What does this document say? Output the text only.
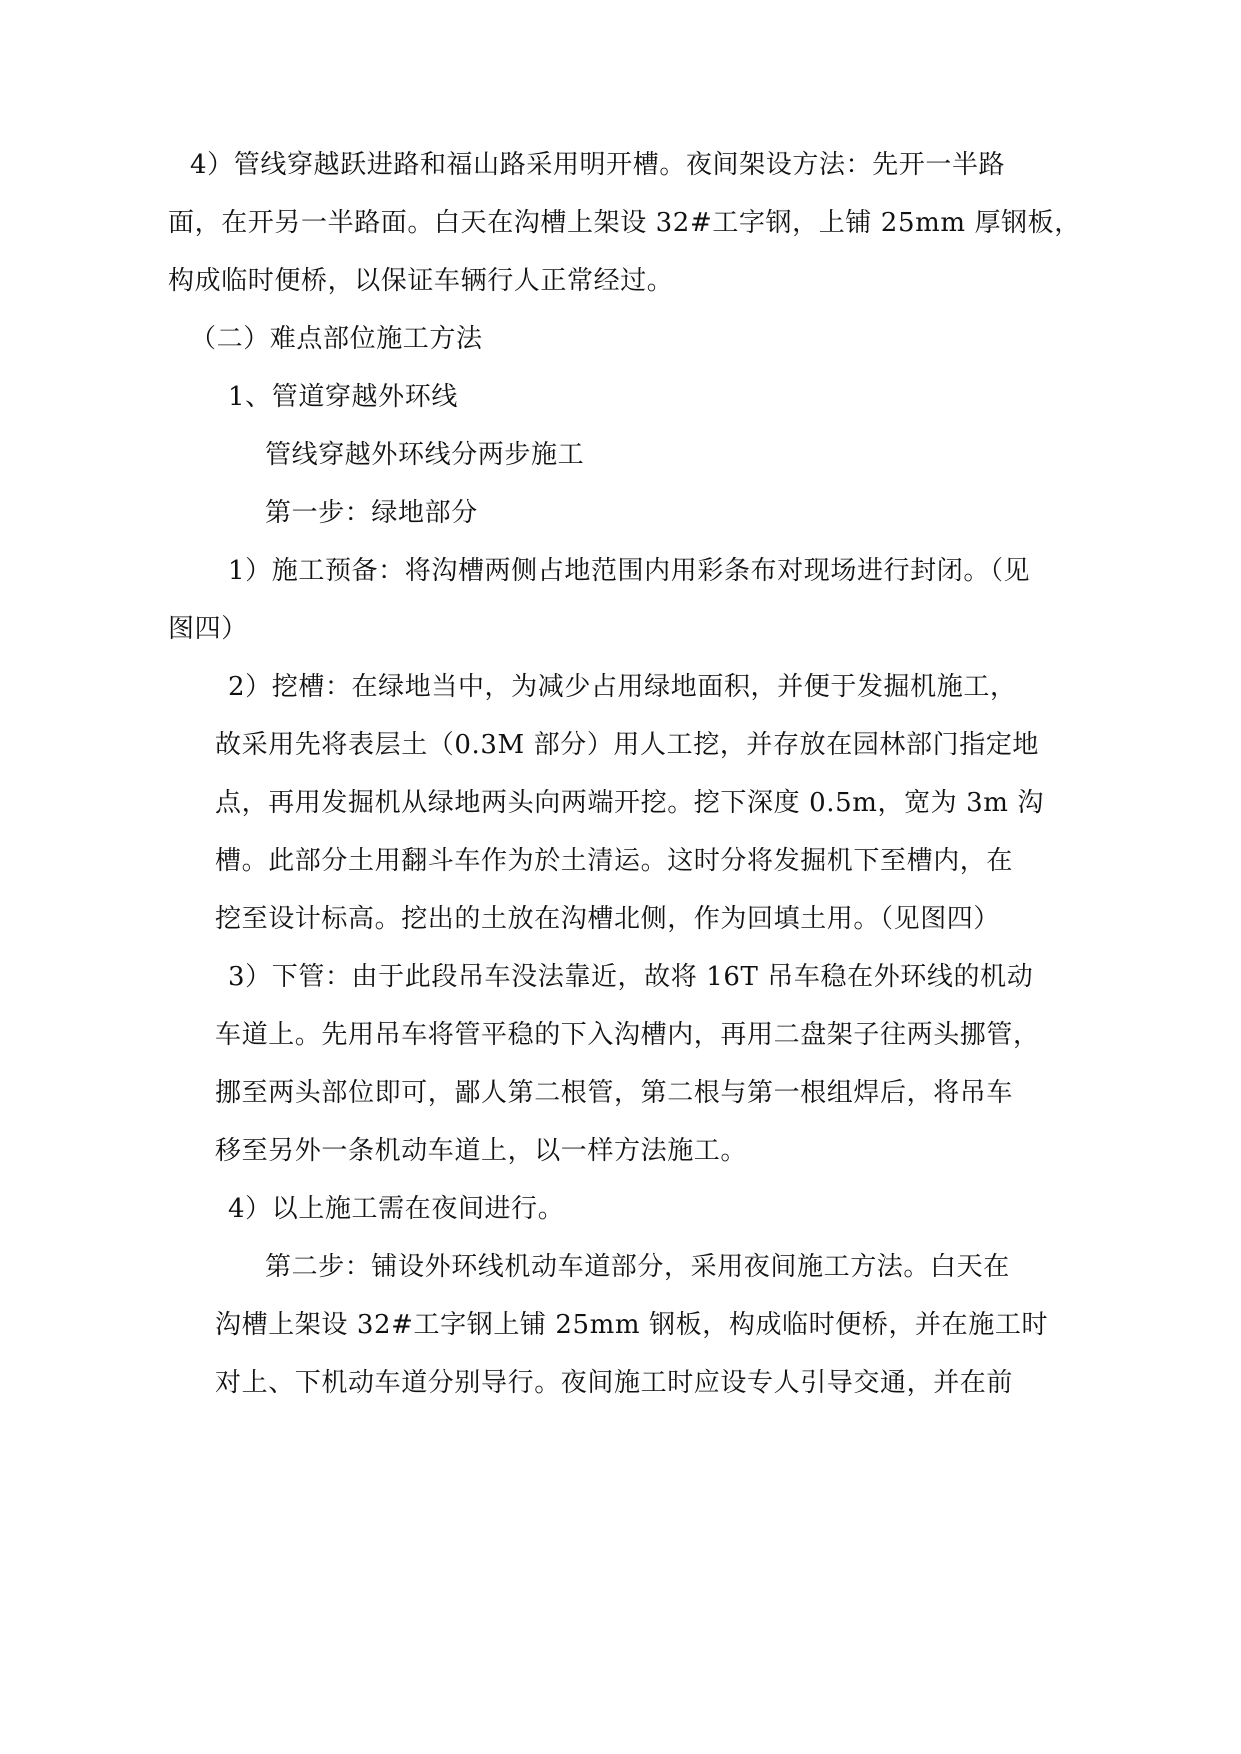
4）管线穿越跃进路和福山路采用明开槽。夜间架设方法：先开一半路

面，在开另一半路面。白天在沟槽上架设 32#工字钢，上铺 25mm 厚钢板，

构成临时便桥，以保证车辆行人正常经过。

（二）难点部位施工方法

1、管道穿越外环线

管线穿越外环线分两步施工

第一步：绿地部分

1）施工预备：将沟槽两侧占地范围内用彩条布对现场进行封闭。（见

图四）

2）挖槽：在绿地当中，为减少占用绿地面积，并便于发掘机施工，

故采用先将表层土（0.3M 部分）用人工挖，并存放在园林部门指定地

点，再用发掘机从绿地两头向两端开挖。挖下深度 0.5m，宽为 3m 沟

槽。此部分土用翻斗车作为於土清运。这时分将发掘机下至槽内，在

挖至设计标高。挖出的土放在沟槽北侧，作为回填土用。（见图四）

3）下管：由于此段吊车没法靠近，故将 16T 吊车稳在外环线的机动

车道上。先用吊车将管平稳的下入沟槽内，再用二盘架子往两头挪管，

挪至两头部位即可，鄙人第二根管，第二根与第一根组焊后，将吊车

移至另外一条机动车道上，以一样方法施工。

4）以上施工需在夜间进行。

第二步：铺设外环线机动车道部分，采用夜间施工方法。白天在

沟槽上架设 32#工字钢上铺 25mm 钢板，构成临时便桥，并在施工时

对上、下机动车道分别导行。夜间施工时应设专人引导交通，并在前
